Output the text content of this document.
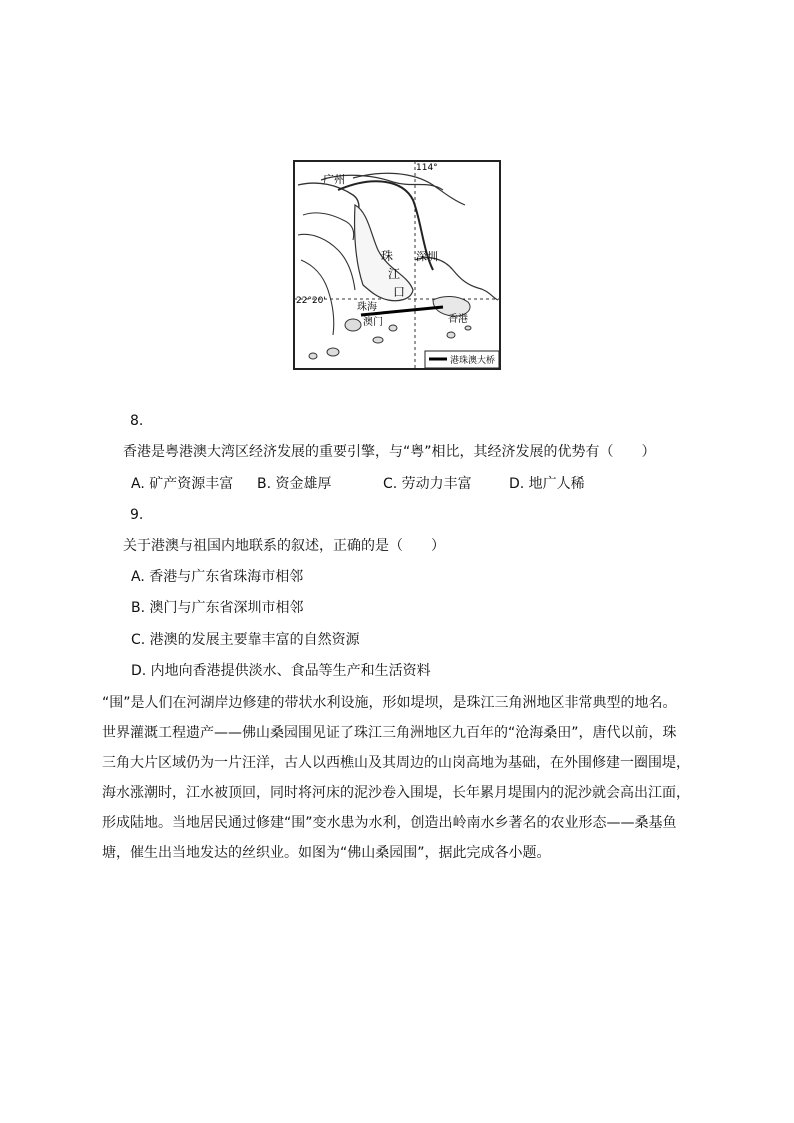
广州
114°
珠
江
口
深圳
22°20'
珠海
澳门	香港
港珠澳大桥
8.
香港是粤港澳大湾区经济发展的重要引擎，与“粤”相比，其经济发展的优势有（　　）
A. 矿产资源丰富 B. 资金雄厚	C. 劳动力丰富	D. 地广人稀
9.
关于港澳与祖国内地联系的叙述，正确的是（　　）
A. 香港与广东省珠海市相邻
B. 澳门与广东省深圳市相邻
C. 港澳的发展主要靠丰富的自然资源
D. 内地向香港提供淡水、食品等生产和生活资料
“围”是人们在河湖岸边修建的带状水利设施，形如堤坝，是珠江三角洲地区非常典型的地名。
世界灌溉工程遗产——佛山桑园围见证了珠江三角洲地区九百年的“沧海桑田”，唐代以前，珠
三角大片区域仍为一片汪洋，古人以西樵山及其周边的山岗高地为基础，在外围修建一圈围堤，
海水涨潮时，江水被顶回，同时将河床的泥沙卷入围堤，长年累月堤围内的泥沙就会高出江面，
形成陆地。当地居民通过修建“围”变水患为水利，创造出岭南水乡著名的农业形态——桑基鱼
塘，催生出当地发达的丝织业。如图为“佛山桑园围”，据此完成各小题。
